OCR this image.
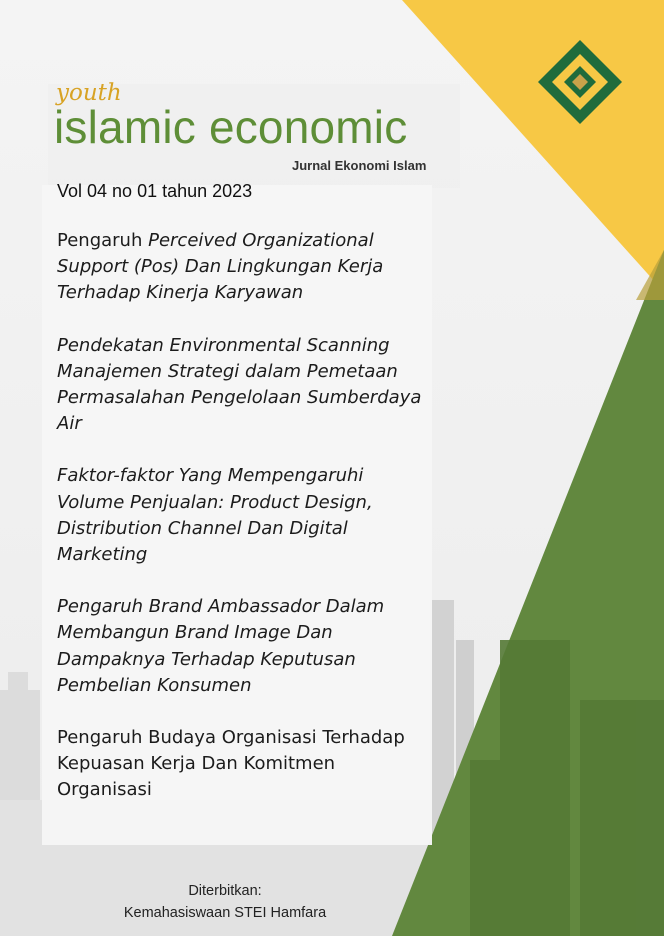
youth
islamic economic
Jurnal Ekonomi Islam
Vol 04 no 01 tahun 2023

Pengaruh Perceived Organizational Support (Pos) Dan Lingkungan Kerja Terhadap Kinerja Karyawan

Pendekatan Environmental Scanning Manajemen Strategi dalam Pemetaan Permasalahan Pengelolaan Sumberdaya Air

Faktor-faktor Yang Mempengaruhi Volume Penjualan: Product Design, Distribution Channel Dan Digital Marketing

Pengaruh Brand Ambassador Dalam Membangun Brand Image Dan Dampaknya Terhadap Keputusan Pembelian Konsumen

Pengaruh Budaya Organisasi Terhadap Kepuasan Kerja Dan Komitmen Organisasi

Diterbitkan:
Kemahasiswaan STEI Hamfara
